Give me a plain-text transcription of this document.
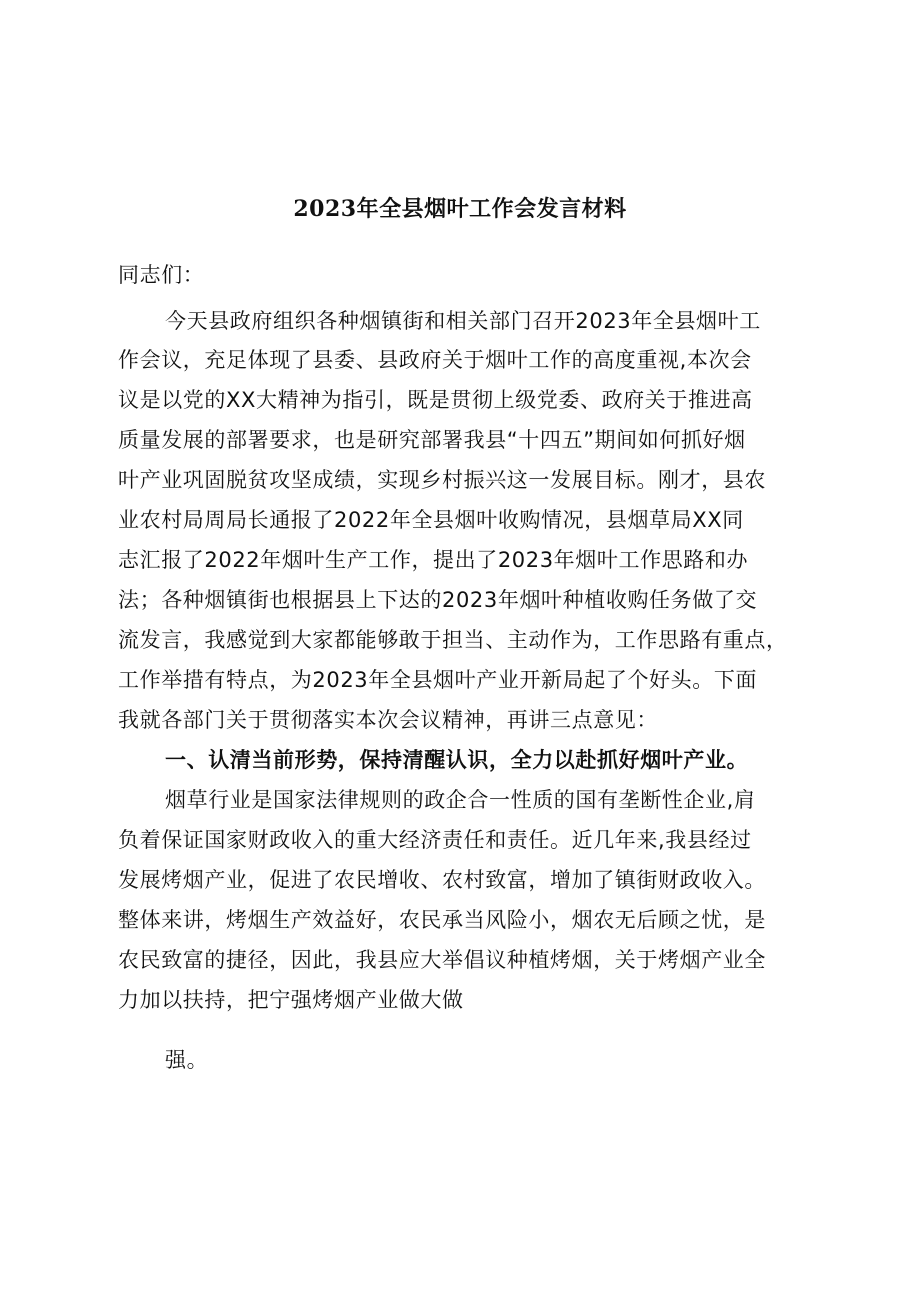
2023年全县烟叶工作会发言材料
同志们：
今天县政府组织各种烟镇街和相关部门召开2023年全县烟叶工
作会议，充足体现了县委、县政府关于烟叶工作的高度重视,本次会
议是以党的XX大精神为指引，既是贯彻上级党委、政府关于推进高
质量发展的部署要求，也是研究部署我县“十四五”期间如何抓好烟
叶产业巩固脱贫攻坚成绩，实现乡村振兴这一发展目标。刚才，县农
业农村局周局长通报了2022年全县烟叶收购情况，县烟草局XX同
志汇报了2022年烟叶生产工作，提出了2023年烟叶工作思路和办
法；各种烟镇街也根据县上下达的2023年烟叶种植收购任务做了交
流发言，我感觉到大家都能够敢于担当、主动作为，工作思路有重点，
工作举措有特点，为2023年全县烟叶产业开新局起了个好头。下面
我就各部门关于贯彻落实本次会议精神，再讲三点意见：
一、认清当前形势，保持清醒认识，全力以赴抓好烟叶产业。
烟草行业是国家法律规则的政企合一性质的国有垄断性企业,肩
负着保证国家财政收入的重大经济责任和责任。近几年来,我县经过
发展烤烟产业，促进了农民增收、农村致富，增加了镇街财政收入。
整体来讲，烤烟生产效益好，农民承当风险小，烟农无后顾之忧，是
农民致富的捷径，因此，我县应大举倡议种植烤烟，关于烤烟产业全
力加以扶持，把宁强烤烟产业做大做
强。
